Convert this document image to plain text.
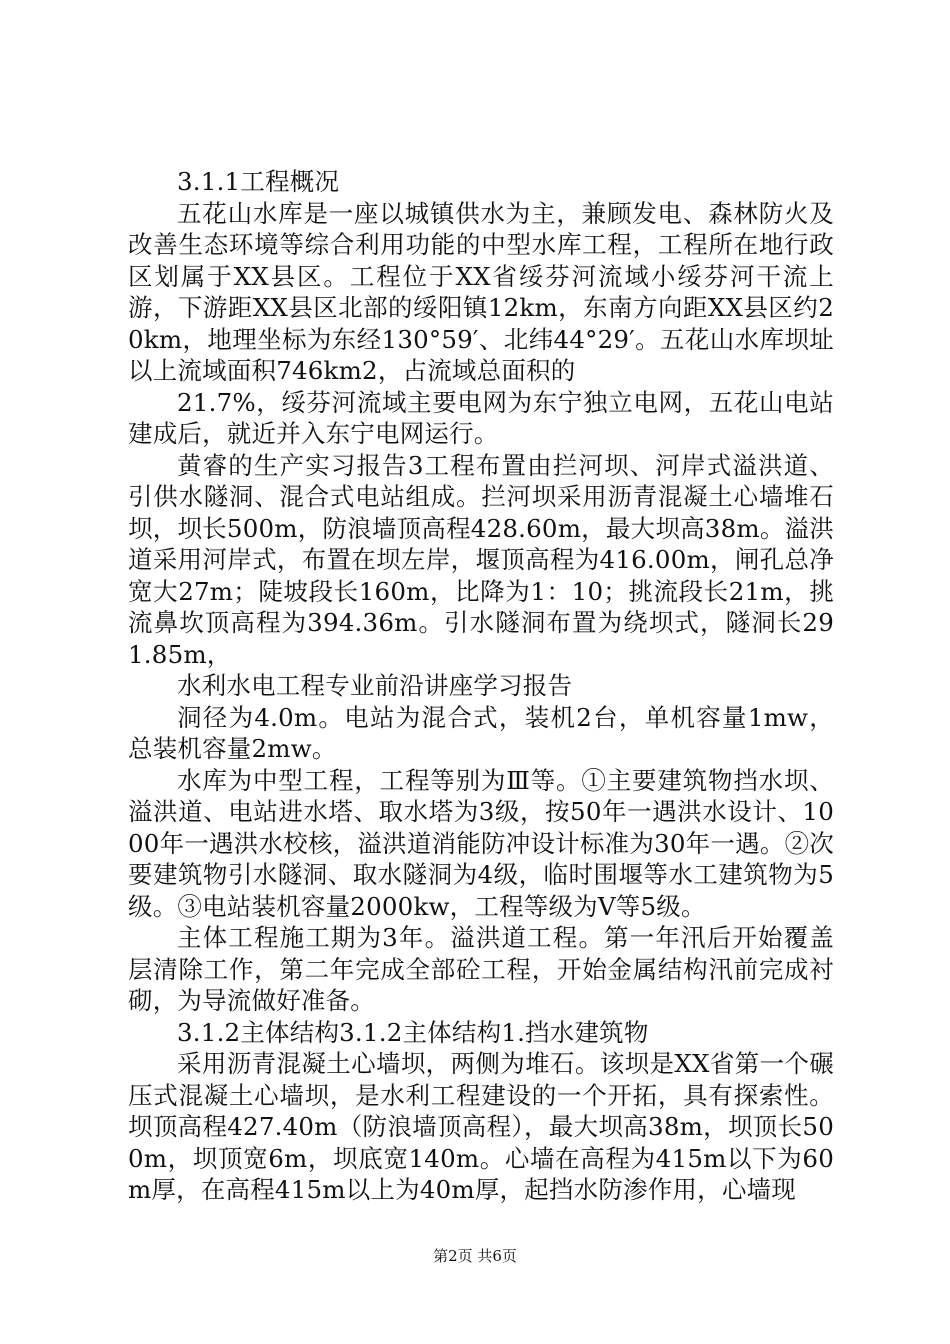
3.1.1工程概况

五花山水库是一座以城镇供水为主，兼顾发电、森林防火及改善生态环境等综合利用功能的中型水库工程，工程所在地行政区划属于XX县区。工程位于XX省绥芬河流域小绥芬河干流上游，下游距XX县区北部的绥阳镇12km，东南方向距XX县区约20km，地理坐标为东经130°59′、北纬44°29′。五花山水库坝址以上流域面积746km2，占流域总面积的

21.7%，绥芬河流域主要电网为东宁独立电网，五花山电站建成后，就近并入东宁电网运行。

黄睿的生产实习报告3工程布置由拦河坝、河岸式溢洪道、引供水隧洞、混合式电站组成。拦河坝采用沥青混凝土心墙堆石坝，坝长500m，防浪墙顶高程428.60m，最大坝高38m。溢洪道采用河岸式，布置在坝左岸，堰顶高程为416.00m，闸孔总净宽大27m；陡坡段长160m，比降为1：10；挑流段长21m，挑流鼻坎顶高程为394.36m。引水隧洞布置为绕坝式，隧洞长291.85m，

水利水电工程专业前沿讲座学习报告

洞径为4.0m。电站为混合式，装机2台，单机容量1mw，总装机容量2mw。

水库为中型工程，工程等别为Ⅲ等。①主要建筑物挡水坝、溢洪道、电站进水塔、取水塔为3级，按50年一遇洪水设计、1000年一遇洪水校核，溢洪道消能防冲设计标准为30年一遇。②次要建筑物引水隧洞、取水隧洞为4级，临时围堰等水工建筑物为5级。③电站装机容量2000kw，工程等级为Ⅴ等5级。

主体工程施工期为3年。溢洪道工程。第一年汛后开始覆盖层清除工作，第二年完成全部砼工程，开始金属结构汛前完成衬砌，为导流做好准备。

3.1.2主体结构3.1.2主体结构1.挡水建筑物

采用沥青混凝土心墙坝，两侧为堆石。该坝是XX省第一个碾压式混凝土心墙坝，是水利工程建设的一个开拓，具有探索性。坝顶高程427.40m（防浪墙顶高程），最大坝高38m，坝顶长500m，坝顶宽6m，坝底宽140m。心墙在高程为415m以下为60m厚，在高程415m以上为40m厚，起挡水防渗作用，心墙现

第2页 共6页
